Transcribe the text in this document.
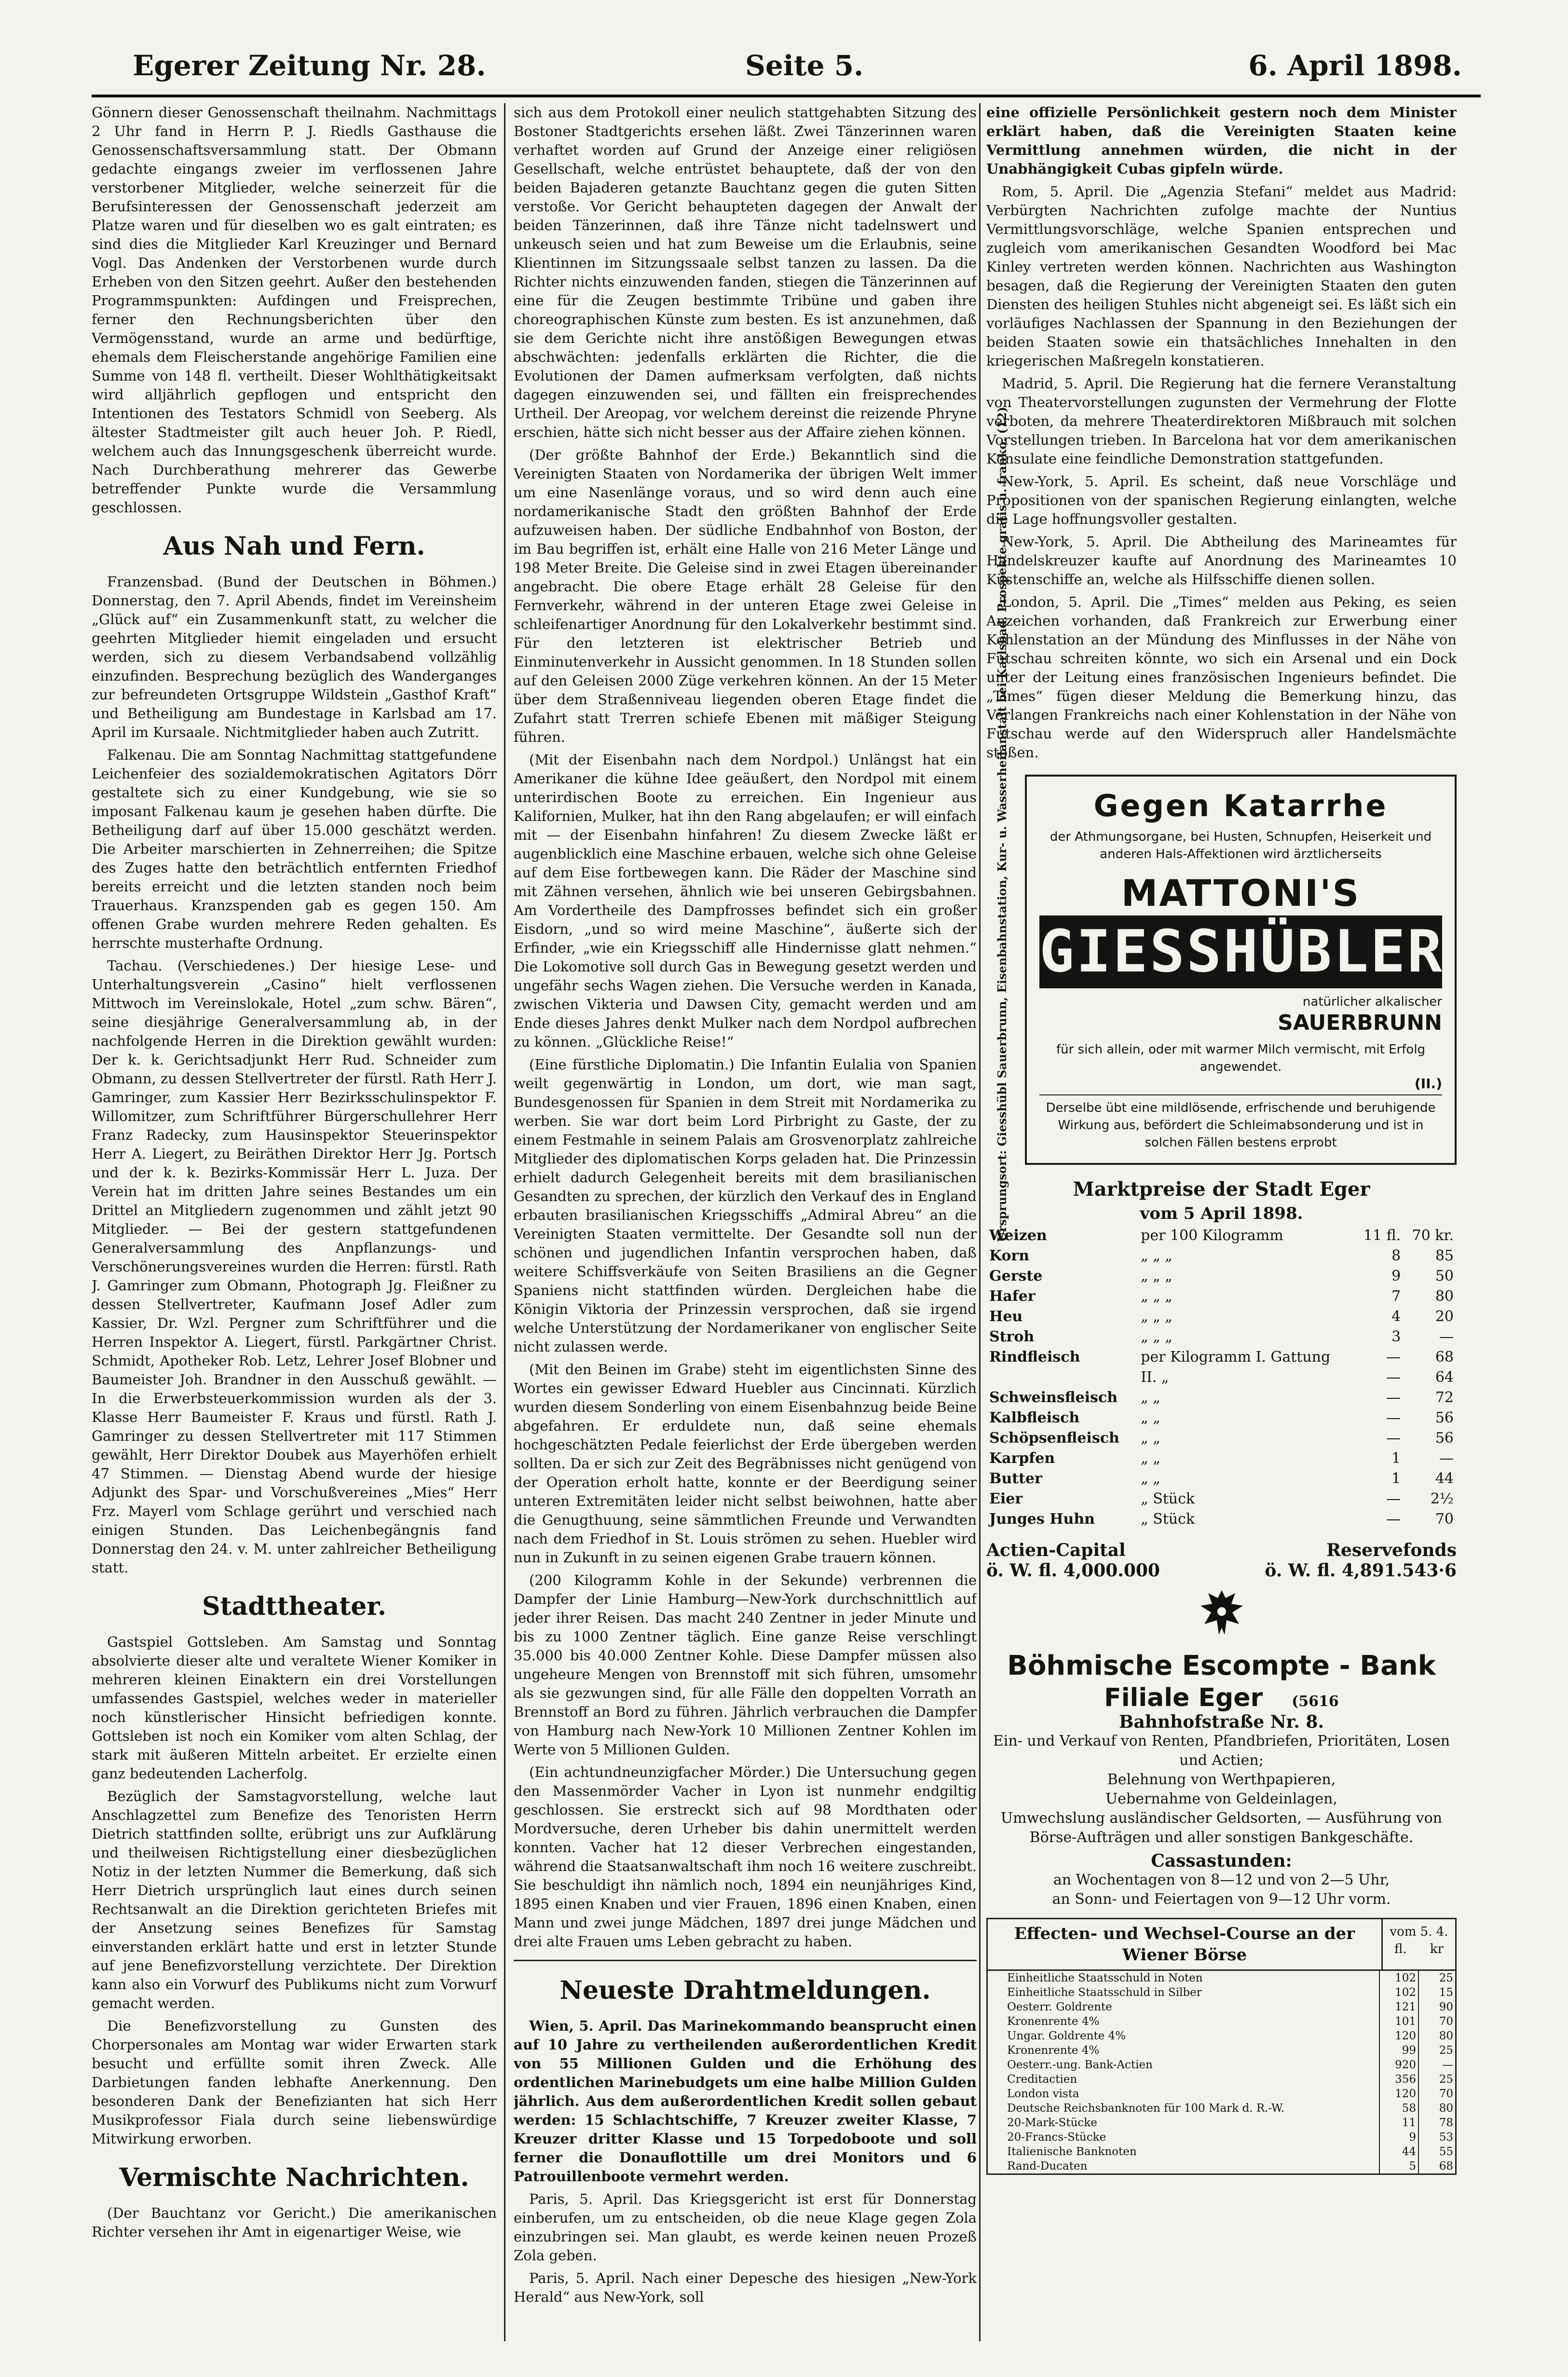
Egerer Zeitung Nr. 28.	Seite 5.	6. April 1898.

Gönnern dieser Genossenschaft theilnahm. Nachmittags 2 Uhr fand in Herrn P. J. Riedls Gasthause die Genossenschaftsversammlung statt. Der Obmann gedachte eingangs zweier im verflossenen Jahre verstorbener Mitglieder, welche seinerzeit für die Berufsinteressen der Genossenschaft jederzeit am Platze waren und für dieselben wo es galt eintraten; es sind dies die Mitglieder Karl Kreuzinger und Bernard Vogl. Das Andenken der Verstorbenen wurde durch Erheben von den Sitzen geehrt. Außer den bestehenden Programmspunkten: Aufdingen und Freisprechen, ferner den Rechnungsberichten über den Vermögensstand, wurde an arme und bedürftige, ehemals dem Fleischerstande angehörige Familien eine Summe von 148 fl. vertheilt. Dieser Wohlthätigkeitsakt wird alljährlich gepflogen und entspricht den Intentionen des Testators Schmidl von Seeberg. Als ältester Stadtmeister gilt auch heuer Joh. P. Riedl, welchem auch das Innungsgeschenk überreicht wurde. Nach Durchberathung mehrerer das Gewerbe betreffender Punkte wurde die Versammlung geschlossen.

Aus Nah und Fern.

Franzensbad. (Bund der Deutschen in Böhmen.) Donnerstag, den 7. April Abends, findet im Vereinsheim „Glück auf“ ein Zusammenkunft statt, zu welcher die geehrten Mitglieder hiemit eingeladen und ersucht werden, sich zu diesem Verbandsabend vollzählig einzufinden. Besprechung bezüglich des Wanderganges zur befreundeten Ortsgruppe Wildstein „Gasthof Kraft“ und Betheiligung am Bundestage in Karlsbad am 17. April im Kursaale. Nichtmitglieder haben auch Zutritt.

Falkenau. Die am Sonntag Nachmittag stattgefundene Leichenfeier des sozialdemokratischen Agitators Dörr gestaltete sich zu einer Kundgebung, wie sie so imposant Falkenau kaum je gesehen haben dürfte. Die Betheiligung darf auf über 15.000 geschätzt werden. Die Arbeiter marschierten in Zehnerreihen; die Spitze des Zuges hatte den beträchtlich entfernten Friedhof bereits erreicht und die letzten standen noch beim Trauerhaus. Kranzspenden gab es gegen 150. Am offenen Grabe wurden mehrere Reden gehalten. Es herrschte musterhafte Ordnung.

Tachau. (Verschiedenes.) Der hiesige Lese- und Unterhaltungsverein „Casino“ hielt verflossenen Mittwoch im Vereinslokale, Hotel „zum schw. Bären“, seine diesjährige Generalversammlung ab, in der nachfolgende Herren in die Direktion gewählt wurden: Der k. k. Gerichtsadjunkt Herr Rud. Schneider zum Obmann, zu dessen Stellvertreter der fürstl. Rath Herr J. Gamringer, zum Kassier Herr Bezirksschulinspektor F. Willomitzer, zum Schriftführer Bürgerschullehrer Herr Franz Radecky, zum Hausinspektor Steuerinspektor Herr A. Liegert, zu Beiräthen Direktor Herr Jg. Portsch und der k. k. Bezirks-Kommissär Herr L. Juza. Der Verein hat im dritten Jahre seines Bestandes um ein Drittel an Mitgliedern zugenommen und zählt jetzt 90 Mitglieder. — Bei der gestern stattgefundenen Generalversammlung des Anpflanzungs- und Verschönerungsvereines wurden die Herren: fürstl. Rath J. Gamringer zum Obmann, Photograph Jg. Fleißner zu dessen Stellvertreter, Kaufmann Josef Adler zum Kassier, Dr. Wzl. Pergner zum Schriftführer und die Herren Inspektor A. Liegert, fürstl. Parkgärtner Christ. Schmidt, Apotheker Rob. Letz, Lehrer Josef Blobner und Baumeister Joh. Brandner in den Ausschuß gewählt. — In die Erwerbsteuerkommission wurden als der 3. Klasse Herr Baumeister F. Kraus und fürstl. Rath J. Gamringer zu dessen Stellvertreter mit 117 Stimmen gewählt, Herr Direktor Doubek aus Mayerhöfen erhielt 47 Stimmen. — Dienstag Abend wurde der hiesige Adjunkt des Spar- und Vorschußvereines „Mies“ Herr Frz. Mayerl vom Schlage gerührt und verschied nach einigen Stunden. Das Leichenbegängnis fand Donnerstag den 24. v. M. unter zahlreicher Betheiligung statt.

Stadttheater.

Gastspiel Gottsleben. Am Samstag und Sonntag absolvierte dieser alte und veraltete Wiener Komiker in mehreren kleinen Einaktern ein drei Vorstellungen umfassendes Gastspiel, welches weder in materieller noch künstlerischer Hinsicht befriedigen konnte. Gottsleben ist noch ein Komiker vom alten Schlag, der stark mit äußeren Mitteln arbeitet. Er erzielte einen ganz bedeutenden Lacherfolg.

Bezüglich der Samstagvorstellung, welche laut Anschlagzettel zum Benefize des Tenoristen Herrn Dietrich stattfinden sollte, erübrigt uns zur Aufklärung und theilweisen Richtigstellung einer diesbezüglichen Notiz in der letzten Nummer die Bemerkung, daß sich Herr Dietrich ursprünglich laut eines durch seinen Rechtsanwalt an die Direktion gerichteten Briefes mit der Ansetzung seines Benefizes für Samstag einverstanden erklärt hatte und erst in letzter Stunde auf jene Benefizvorstellung verzichtete. Der Direktion kann also ein Vorwurf des Publikums nicht zum Vorwurf gemacht werden.

Die Benefizvorstellung zu Gunsten des Chorpersonales am Montag war wider Erwarten stark besucht und erfüllte somit ihren Zweck. Alle Darbietungen fanden lebhafte Anerkennung. Den besonderen Dank der Benefizianten hat sich Herr Musikprofessor Fiala durch seine liebenswürdige Mitwirkung erworben.

Vermischte Nachrichten.

(Der Bauchtanz vor Gericht.) Die amerikanischen Richter versehen ihr Amt in eigenartiger Weise, wie

sich aus dem Protokoll einer neulich stattgehabten Sitzung des Bostoner Stadtgerichts ersehen läßt. Zwei Tänzerinnen waren verhaftet worden auf Grund der Anzeige einer religiösen Gesellschaft, welche entrüstet behauptete, daß der von den beiden Bajaderen getanzte Bauchtanz gegen die guten Sitten verstoße. Vor Gericht behaupteten dagegen der Anwalt der beiden Tänzerinnen, daß ihre Tänze nicht tadelnswert und unkeusch seien und hat zum Beweise um die Erlaubnis, seine Klientinnen im Sitzungssaale selbst tanzen zu lassen. Da die Richter nichts einzuwenden fanden, stiegen die Tänzerinnen auf eine für die Zeugen bestimmte Tribüne und gaben ihre choreographischen Künste zum besten. Es ist anzunehmen, daß sie dem Gerichte nicht ihre anstößigen Bewegungen etwas abschwächten: jedenfalls erklärten die Richter, die die Evolutionen der Damen aufmerksam verfolgten, daß nichts dagegen einzuwenden sei, und fällten ein freisprechendes Urtheil. Der Areopag, vor welchem dereinst die reizende Phryne erschien, hätte sich nicht besser aus der Affaire ziehen können.

(Der größte Bahnhof der Erde.) Bekanntlich sind die Vereinigten Staaten von Nordamerika der übrigen Welt immer um eine Nasenlänge voraus, und so wird denn auch eine nordamerikanische Stadt den größten Bahnhof der Erde aufzuweisen haben. Der südliche Endbahnhof von Boston, der im Bau begriffen ist, erhält eine Halle von 216 Meter Länge und 198 Meter Breite. Die Geleise sind in zwei Etagen übereinander angebracht. Die obere Etage erhält 28 Geleise für den Fernverkehr, während in der unteren Etage zwei Geleise in schleifenartiger Anordnung für den Lokalverkehr bestimmt sind. Für den letzteren ist elektrischer Betrieb und Einminutenverkehr in Aussicht genommen. In 18 Stunden sollen auf den Geleisen 2000 Züge verkehren können. An der 15 Meter über dem Straßenniveau liegenden oberen Etage findet die Zufahrt statt Trerren schiefe Ebenen mit mäßiger Steigung führen.

(Mit der Eisenbahn nach dem Nordpol.) Unlängst hat ein Amerikaner die kühne Idee geäußert, den Nordpol mit einem unterirdischen Boote zu erreichen. Ein Ingenieur aus Kalifornien, Mulker, hat ihn den Rang abgelaufen; er will einfach mit — der Eisenbahn hinfahren! Zu diesem Zwecke läßt er augenblicklich eine Maschine erbauen, welche sich ohne Geleise auf dem Eise fortbewegen kann. Die Räder der Maschine sind mit Zähnen versehen, ähnlich wie bei unseren Gebirgsbahnen. Am Vordertheile des Dampfrosses befindet sich ein großer Eisdorn, „und so wird meine Maschine“, äußerte sich der Erfinder, „wie ein Kriegsschiff alle Hindernisse glatt nehmen.“ Die Lokomotive soll durch Gas in Bewegung gesetzt werden und ungefähr sechs Wagen ziehen. Die Versuche werden in Kanada, zwischen Vikteria und Dawsen City, gemacht werden und am Ende dieses Jahres denkt Mulker nach dem Nordpol aufbrechen zu können. „Glückliche Reise!“

(Eine fürstliche Diplomatin.) Die Infantin Eulalia von Spanien weilt gegenwärtig in London, um dort, wie man sagt, Bundesgenossen für Spanien in dem Streit mit Nordamerika zu werben. Sie war dort beim Lord Pirbright zu Gaste, der zu einem Festmahle in seinem Palais am Grosvenorplatz zahlreiche Mitglieder des diplomatischen Korps geladen hat. Die Prinzessin erhielt dadurch Gelegenheit bereits mit dem brasilianischen Gesandten zu sprechen, der kürzlich den Verkauf des in England erbauten brasilianischen Kriegsschiffs „Admiral Abreu“ an die Vereinigten Staaten vermittelte. Der Gesandte soll nun der schönen und jugendlichen Infantin versprochen haben, daß weitere Schiffsverkäufe von Seiten Brasiliens an die Gegner Spaniens nicht stattfinden würden. Dergleichen habe die Königin Viktoria der Prinzessin versprochen, daß sie irgend welche Unterstützung der Nordamerikaner von englischer Seite nicht zulassen werde.

(Mit den Beinen im Grabe) steht im eigentlichsten Sinne des Wortes ein gewisser Edward Huebler aus Cincinnati. Kürzlich wurden diesem Sonderling von einem Eisenbahnzug beide Beine abgefahren. Er erduldete nun, daß seine ehemals hochgeschätzten Pedale feierlichst der Erde übergeben werden sollten. Da er sich zur Zeit des Begräbnisses nicht genügend von der Operation erholt hatte, konnte er der Beerdigung seiner unteren Extremitäten leider nicht selbst beiwohnen, hatte aber die Genugthuung, seine sämmtlichen Freunde und Verwandten nach dem Friedhof in St. Louis strömen zu sehen. Huebler wird nun in Zukunft in zu seinen eigenen Grabe trauern können.

(200 Kilogramm Kohle in der Sekunde) verbrennen die Dampfer der Linie Hamburg—New-York durchschnittlich auf jeder ihrer Reisen. Das macht 240 Zentner in jeder Minute und bis zu 1000 Zentner täglich. Eine ganze Reise verschlingt 35.000 bis 40.000 Zentner Kohle. Diese Dampfer müssen also ungeheure Mengen von Brennstoff mit sich führen, umsomehr als sie gezwungen sind, für alle Fälle den doppelten Vorrath an Brennstoff an Bord zu führen. Jährlich verbrauchen die Dampfer von Hamburg nach New-York 10 Millionen Zentner Kohlen im Werte von 5 Millionen Gulden.

(Ein achtundneunzigfacher Mörder.) Die Untersuchung gegen den Massenmörder Vacher in Lyon ist nunmehr endgiltig geschlossen. Sie erstreckt sich auf 98 Mordthaten oder Mordversuche, deren Urheber bis dahin unermittelt werden konnten. Vacher hat 12 dieser Verbrechen eingestanden, während die Staatsanwaltschaft ihm noch 16 weitere zuschreibt. Sie beschuldigt ihn nämlich noch, 1894 ein neunjähriges Kind, 1895 einen Knaben und vier Frauen, 1896 einen Knaben, einen Mann und zwei junge Mädchen, 1897 drei junge Mädchen und drei alte Frauen ums Leben gebracht zu haben.

Neueste Drahtmeldungen.

Wien, 5. April. Das Marinekommando beansprucht einen auf 10 Jahre zu vertheilenden außerordentlichen Kredit von 55 Millionen Gulden und die Erhöhung des ordentlichen Marinebudgets um eine halbe Million Gulden jährlich. Aus dem außerordentlichen Kredit sollen gebaut werden: 15 Schlachtschiffe, 7 Kreuzer zweiter Klasse, 7 Kreuzer dritter Klasse und 15 Torpedoboote und soll ferner die Donauflottille um drei Monitors und 6 Patrouillenboote vermehrt werden.

Paris, 5. April. Das Kriegsgericht ist erst für Donnerstag einberufen, um zu entscheiden, ob die neue Klage gegen Zola einzubringen sei. Man glaubt, es werde keinen neuen Prozeß Zola geben.

Paris, 5. April. Nach einer Depesche des hiesigen „New-York Herald“ aus New-York, soll

eine offizielle Persönlichkeit gestern noch dem Minister erklärt haben, daß die Vereinigten Staaten keine Vermittlung annehmen würden, die nicht in der Unabhängigkeit Cubas gipfeln würde.

Rom, 5. April. Die „Agenzia Stefani“ meldet aus Madrid: Verbürgten Nachrichten zufolge machte der Nuntius Vermittlungsvorschläge, welche Spanien entsprechen und zugleich vom amerikanischen Gesandten Woodford bei Mac Kinley vertreten werden können. Nachrichten aus Washington besagen, daß die Regierung der Vereinigten Staaten den guten Diensten des heiligen Stuhles nicht abgeneigt sei. Es läßt sich ein vorläufiges Nachlassen der Spannung in den Beziehungen der beiden Staaten sowie ein thatsächliches Innehalten in den kriegerischen Maßregeln konstatieren.

Madrid, 5. April. Die Regierung hat die fernere Veranstaltung von Theatervorstellungen zugunsten der Vermehrung der Flotte verboten, da mehrere Theaterdirektoren Mißbrauch mit solchen Vorstellungen trieben. In Barcelona hat vor dem amerikanischen Konsulate eine feindliche Demonstration stattgefunden.

New-York, 5. April. Es scheint, daß neue Vorschläge und Propositionen von der spanischen Regierung einlangten, welche die Lage hoffnungsvoller gestalten.

New-York, 5. April. Die Abtheilung des Marineamtes für Handelskreuzer kaufte auf Anordnung des Marineamtes 10 Küstenschiffe an, welche als Hilfsschiffe dienen sollen.

London, 5. April. Die „Times“ melden aus Peking, es seien Anzeichen vorhanden, daß Frankreich zur Erwerbung einer Kohlenstation an der Mündung des Minflusses in der Nähe von Futschau schreiten könnte, wo sich ein Arsenal und ein Dock unter der Leitung eines französischen Ingenieurs befindet. Die „Times“ fügen dieser Meldung die Bemerkung hinzu, das Verlangen Frankreichs nach einer Kohlenstation in der Nähe von Futschau werde auf den Widerspruch aller Handelsmächte stoßen.

Gegen Katarrhe
der Athmungsorgane, bei Husten, Schnupfen, Heiserkeit und anderen Hals-Affektionen wird ärztlicherseits
MATTONI'S
GIESSHÜBLER
natürlicher alkalischer
SAUERBRUNN
für sich allein, oder mit warmer Milch vermischt, mit Erfolg angewendet.
(II.)
Derselbe übt eine mildlösende, erfrischende und beruhigende Wirkung aus, befördert die Schleimabsonderung und ist in solchen Fällen bestens erprobt
Marktpreise der Stadt Eger
vom 5 April 1898.
Weizen	per 100 Kilogramm	11 fl.	70 kr.
Korn	„ „ „	8	85
Gerste	„ „ „	9	50
Hafer	„ „ „	7	80
Heu	„ „ „	4	20
Stroh	„ „ „	3	—
Rindfleisch	per Kilogramm I. Gattung	—	68
	II. „	—	64
Schweinsfleisch	„ „	—	72
Kalbfleisch	„ „	—	56
Schöpsenfleisch	„ „	—	56
Karpfen	„ „	1	—
Butter	„ „	1	44
Eier	„ Stück	—	2½
Junges Huhn	„ Stück	—	70
Actien-Capital	Reservefonds
ö. W. fl. 4,000.000	ö. W. fl. 4,891.543·6
Böhmische Escompte - Bank
Filiale Eger (5616
Bahnhofstraße Nr. 8.
Ein- und Verkauf von Renten, Pfandbriefen, Prioritäten, Losen und Actien;
Belehnung von Werthpapieren,
Uebernahme von Geldeinlagen,
Umwechslung ausländischer Geldsorten, — Ausführung von Börse-Aufträgen und aller sonstigen Bankgeschäfte.
Cassastunden:
an Wochentagen von 8—12 und von 2—5 Uhr,
an Sonn- und Feiertagen von 9—12 Uhr vorm.
Effecten- und Wechsel-Course an der Wiener Börse
vom 5. 4.
fl. kr
Einheitliche Staatsschuld in Noten	102	25
Einheitliche Staatsschuld in Silber	102	15
Oesterr. Goldrente	121	90
Kronenrente 4%	101	70
Ungar. Goldrente 4%	120	80
Kronenrente 4%	99	25
Oesterr.-ung. Bank-Actien	920	—
Creditactien	356	25
London vista	120	70
Deutsche Reichsbanknoten für 100 Mark d. R.-W.	58	80
20-Mark-Stücke	11	78
20-Francs-Stücke	9	53
Italienische Banknoten	44	55
Rand-Ducaten	5	68
Ursprungsort: Giesshübl Sauerbrunn, Eisenbahnstation, Kur- u. Wasserheilanstalt bei Karlsbad. Prospekte gratis u. franko. (12)
